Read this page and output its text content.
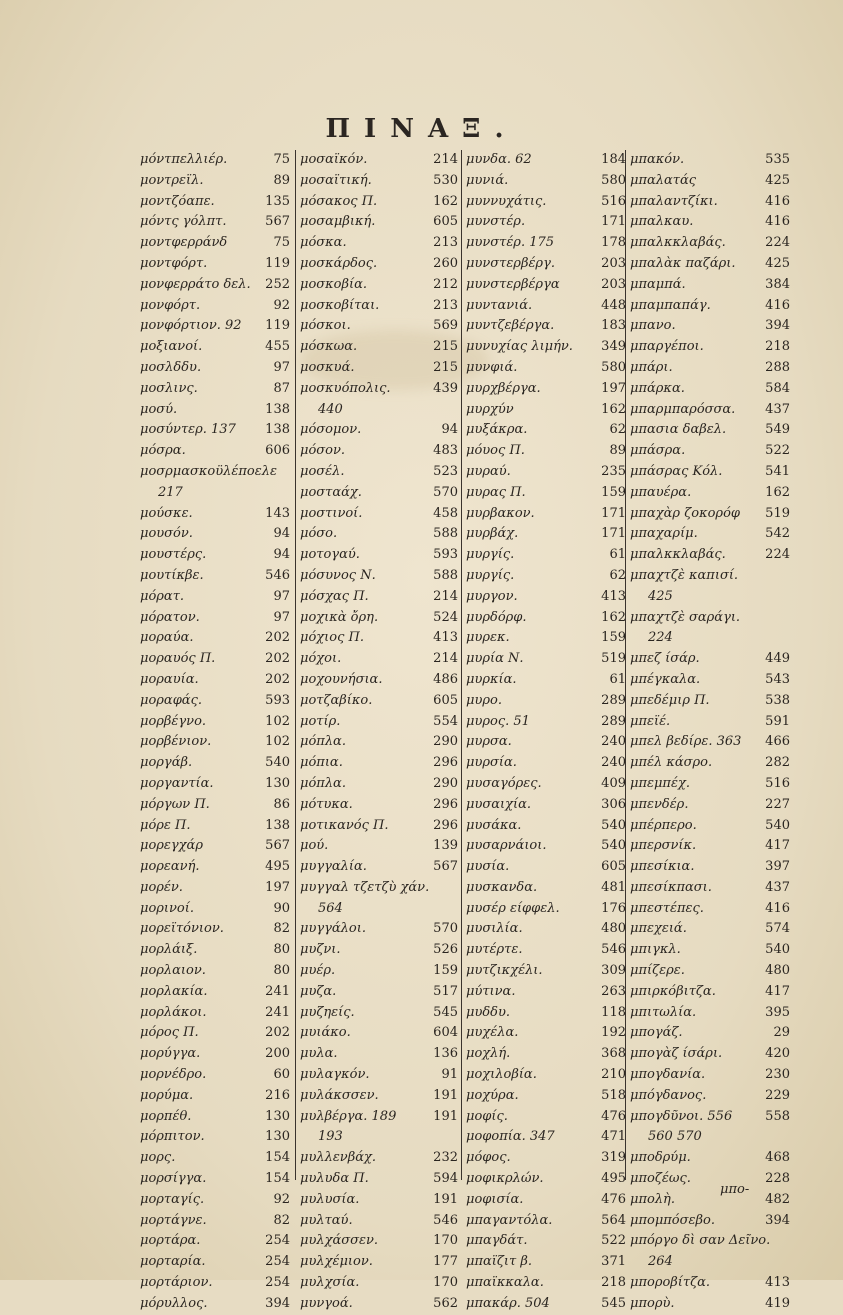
ΠΙΝΑΞ.
μόντπελλιέρ.	75
μοντρεϊλ.	89
μοντζόαπε.	135
μόντς γόλπτ.	567
μοντφερράνδ	75
μοντφόρτ.	119
μονφερράτο δελ.	252
μονφόρτ.	92
μονφόρτιον. 92	119
μοξιανοί.	455
μοσλδδυ.	97
μοσλινς.	87
μοσύ.	138
μοσύντερ. 137	138
μόσρα.	606
μοσρμασκοϋλέποελε
217
μούσκε.	143
μουσόν.	94
μουστέρς.	94
μουτίκβε.	546
μόρατ.	97
μόρατον.	97
μοραύα.	202
μοραυός Π.	202
μοραυία.	202
μοραφάς.	593
μορβέγνο.	102
μορβένιον.	102
μοργάβ.	540
μοργαντία.	130
μόργων Π.	86
μόρε Π.	138
μορεγχάρ	567
μορεανή.	495
μορέν.	197
μορινοί.	90
μορεϊτόνιον.	82
μορλάιξ.	80
μορλαιον.	80
μορλακία.	241
μορλάκοι.	241
μόρος Π.	202
μορύγγα.	200
μορνέδρο.	60
μορύμα.	216
μορπέθ.	130
μόρπιτον.	130
μορς.	154
μορσίγγα.	154
μορταγίς.	92
μορτάγνε.	82
μορτάρα.	254
μορταρία.	254
μορτάριον.	254
μόρυλλος.	394
μοσαϊκόν.	214
μοσαϊτική.	530
μόσακος Π.	162
μοσαμβική.	605
μόσκα.	213
μοσκάρδος.	260
μοσκοβία.	212
μοσκοβίται.	213
μόσκοι.	569
μόσκωα.	215
μοσκυά.	215
μοσκυόπολις.	439
440
μόσομον.	94
μόσον.	483
μοσέλ.	523
μοσταάχ.	570
μοστινοί.	458
μόσο.	588
μοτογαύ.	593
μόσυνος Ν.	588
μόσχας Π.	214
μοχικὰ ὄρη.	524
μόχιος Π.	413
μόχοι.	214
μοχουνήσια.	486
μοτζαβίκο.	605
μοτίρ.	554
μόπλα.	290
μόπια.	296
μόπλα.	290
μότυκα.	296
μοτικανός Π.	296
μού.	139
μυγγαλία.	567
μυγγαλ τζετζὺ χάν.
564
μυγγάλοι.	570
μυζνι.	526
μυέρ.	159
μυζα.	517
μυζηείς.	545
μυιάκο.	604
μυλα.	136
μυλαγκόν.	91
μυλάκσσεν.	191
μυλβέργα. 189	191
193
μυλλενβάχ.	232
μυλυδα Π.	594
μυλυσία.	191
μυλταύ.	546
μυλχάσσεν.	170
μυλχέμιον.	177
μυλχσία.	170
μυνγοά.	562
μυνδα. 62	184
μυνιά.	580
μυννυχάτις.	516
μυνστέρ.	171
μυνστέρ. 175	178
μυνστερβέργ.	203
μυνστερβέργα	203
μυντανιά.	448
μυντζεβέργα.	183
μυνυχίας λιμήν.	349
μυνφιά.	580
μυρχβέργα.	197
μυρχύν	162
μυξάκρα.	62
μόυος Π.	89
μυραύ.	235
μυρας Π.	159
μυρβακον.	171
μυρβάχ.	171
μυργίς.	61
μυργίς.	62
μυργον.	413
μυρδόρφ.	162
μυρεκ.	159
μυρία Ν.	519
μυρκία.	61
μυρο.	289
μυρος. 51	289
μυρσα.	240
μυρσία.	240
μυσαγόρες.	409
μυσαιχία.	306
μυσάκα.	540
μυσαρνάιοι.	540
μυσία.	605
μυσκανδα.	481
μυσέρ είφφελ.	176
μυσιλία.	480
μυτέρτε.	546
μυτζικχέλι.	309
μύτινα.	263
μυδδυ.	118
μυχέλα.	192
μοχλή.	368
μοχιλοβία.	210
μοχύρα.	518
μοφίς.	476
μοφοπία. 347	471
μόφος.	319
μοφικρλών.	495
μοφισία.	476
μπαγαντόλα.	564
μπαγδάτ.	522
μπαϊζιτ β.	371
μπαϊκκαλα.	218
μπακάρ. 504	545
μπακόν.	535
μπαλατάς	425
μπαλαντζίκι.	416
μπαλκαυ.	416
μπαλκκλαβάς.	224
μπαλὰκ παζάρι.	425
μπαμπά.	384
μπαμπαπάγ.	416
μπανο.	394
μπαργέποι.	218
μπάρι.	288
μπάρκα.	584
μπαρμπαρόσσα.	437
μπασια δαβελ.	549
μπάσρα.	522
μπάσρας Κόλ.	541
μπαυέρα.	162
μπαχὰρ ζοκορόφ	519
μπαχαρίμ.	542
μπαλκκλαβάς.	224
μπαχτζὲ καπισί.
425
μπαχτζὲ σαράγι.
224
μπεζ ίσάρ.	449
μπέγκαλα.	543
μπεδέμιρ Π.	538
μπεϊέ.	591
μπελ βεδίρε. 363	466
μπέλ κάσρο.	282
μπεμπέχ.	516
μπενδέρ.	227
μπέρπερο.	540
μπερσνίκ.	417
μπεσίκια.	397
μπεσίκπασι.	437
μπεστέπες.	416
μπεχειά.	574
μπιγκλ.	540
μπίζερε.	480
μπιρκόβιτζα.	417
μπιτωλία.	395
μπογάζ.	29
μπογὰζ ίσάρι.	420
μπογδανία.	230
μπόγδανος.	229
μπογδῦνοι. 556	558
560 570
μποδρύμ.	468
μποζέως.	228
μπολὴ.	482
μπομπόσεβο.	394
μπόργο δὶ σαν Δεῖνο.
264
μποροβίτζα.	413
μπορὺ.	419
μπο-
